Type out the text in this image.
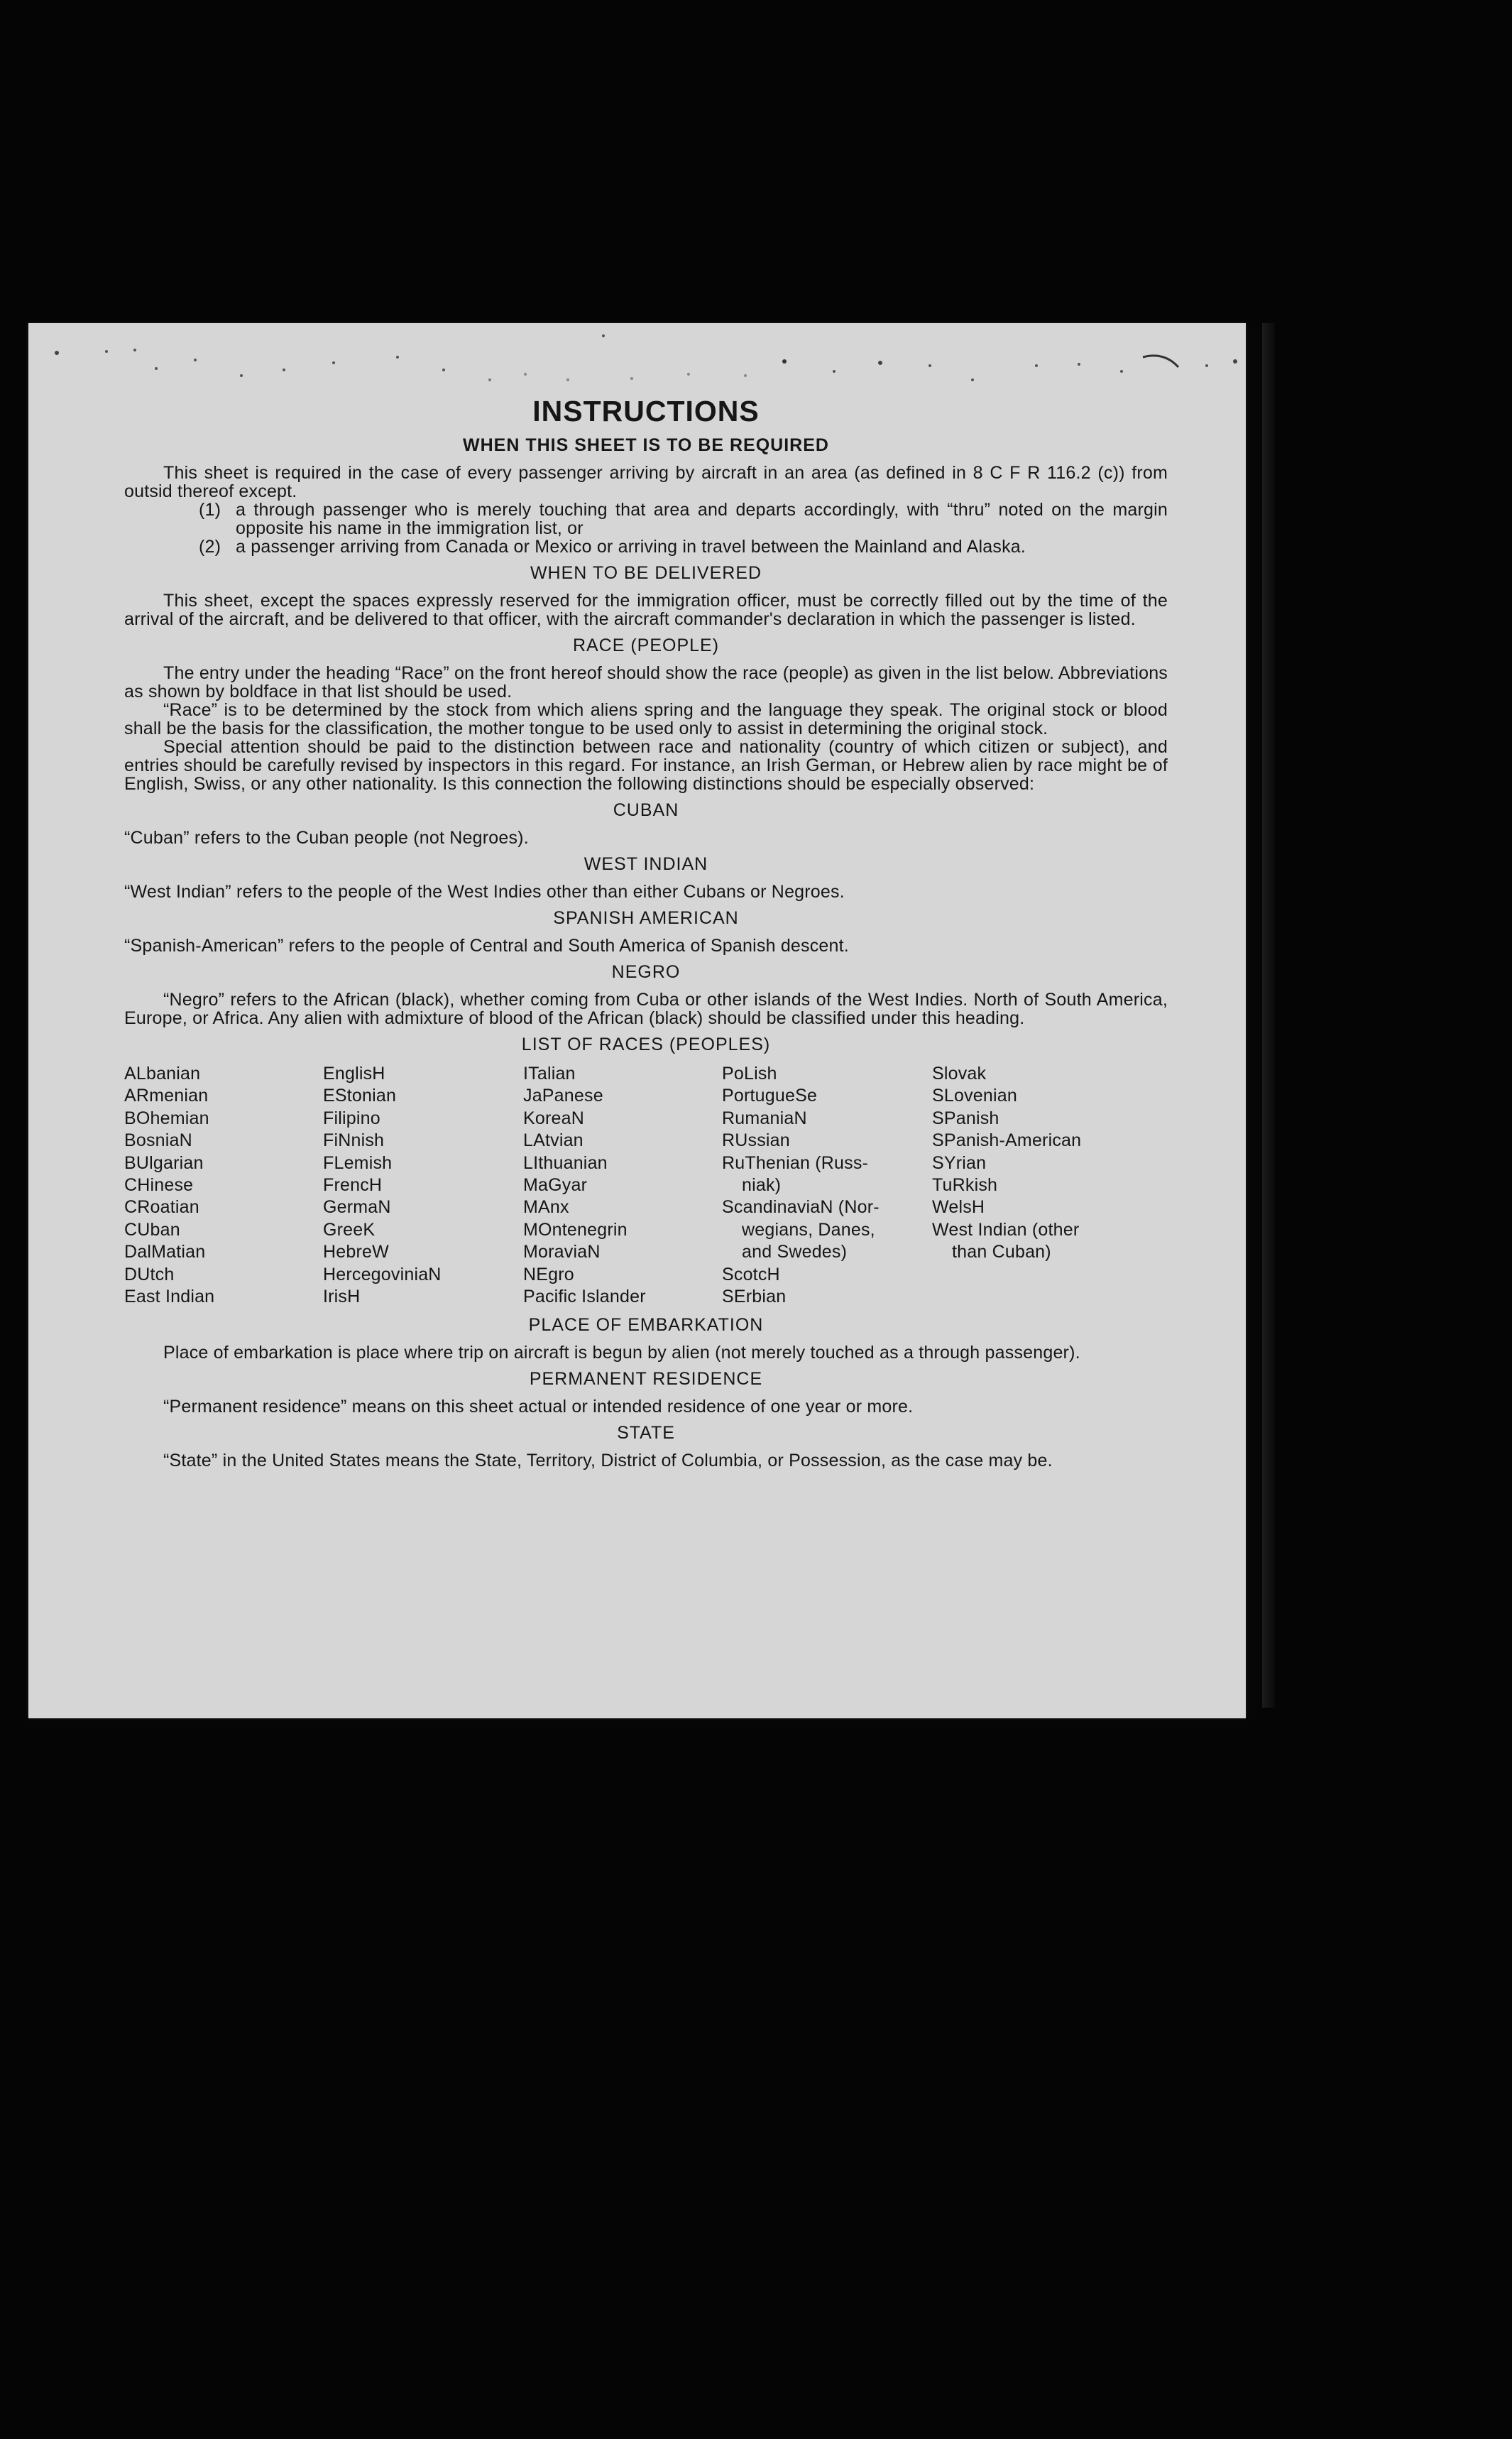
INSTRUCTIONS
WHEN THIS SHEET IS TO BE REQUIRED

This sheet is required in the case of every passenger arriving by aircraft in an area (as defined in 8 C F R 116.2 (c)) from outsid thereof except.

(1) a through passenger who is merely touching that area and departs accordingly, with “thru” noted on the margin opposite his name in the immigration list, or
(2) a passenger arriving from Canada or Mexico or arriving in travel between the Mainland and Alaska.
WHEN TO BE DELIVERED

This sheet, except the spaces expressly reserved for the immigration officer, must be correctly filled out by the time of the arrival of the aircraft, and be delivered to that officer, with the aircraft commander's declaration in which the passenger is listed.

RACE (PEOPLE)

The entry under the heading “Race” on the front hereof should show the race (people) as given in the list below. Abbreviations as shown by boldface in that list should be used.

“Race” is to be determined by the stock from which aliens spring and the language they speak. The original stock or blood shall be the basis for the classification, the mother tongue to be used only to assist in determining the original stock.

Special attention should be paid to the distinction between race and nationality (country of which citizen or subject), and entries should be carefully revised by inspectors in this regard. For instance, an Irish German, or Hebrew alien by race might be of English, Swiss, or any other nationality. Is this connection the following distinctions should be especially observed:

CUBAN

“Cuban” refers to the Cuban people (not Negroes).

WEST INDIAN

“West Indian” refers to the people of the West Indies other than either Cubans or Negroes.

SPANISH AMERICAN

“Spanish-American” refers to the people of Central and South America of Spanish descent.

NEGRO

“Negro” refers to the African (black), whether coming from Cuba or other islands of the West Indies. North of South America, Europe, or Africa. Any alien with admixture of blood of the African (black) should be classified under this heading.

LIST OF RACES (PEOPLES)
ALbanian
ARmenian
BOhemian
BosniaN
BUlgarian
CHinese
CRoatian
CUban
DalMatian
DUtch
East Indian
EnglisH
EStonian
Filipino
FiNnish
FLemish
FrencH
GermaN
GreeK
HebreW
HercegoviniaN
IrisH
ITalian
JaPanese
KoreaN
LAtvian
LIthuanian
MaGyar
MAnx
MOntenegrin
MoraviaN
NEgro
Pacific Islander
PoLish
PortugueSe
RumaniaN
RUssian
RuThenian (Russ-
niak)
ScandinaviaN (Nor-
wegians, Danes,
and Swedes)
ScotcH
SErbian
Slovak
SLovenian
SPanish
SPanish-American
SYrian
TuRkish
WelsH
West Indian (other
than Cuban)
PLACE OF EMBARKATION

Place of embarkation is place where trip on aircraft is begun by alien (not merely touched as a through passenger).

PERMANENT RESIDENCE

“Permanent residence” means on this sheet actual or intended residence of one year or more.

STATE

“State” in the United States means the State, Territory, District of Columbia, or Possession, as the case may be.
